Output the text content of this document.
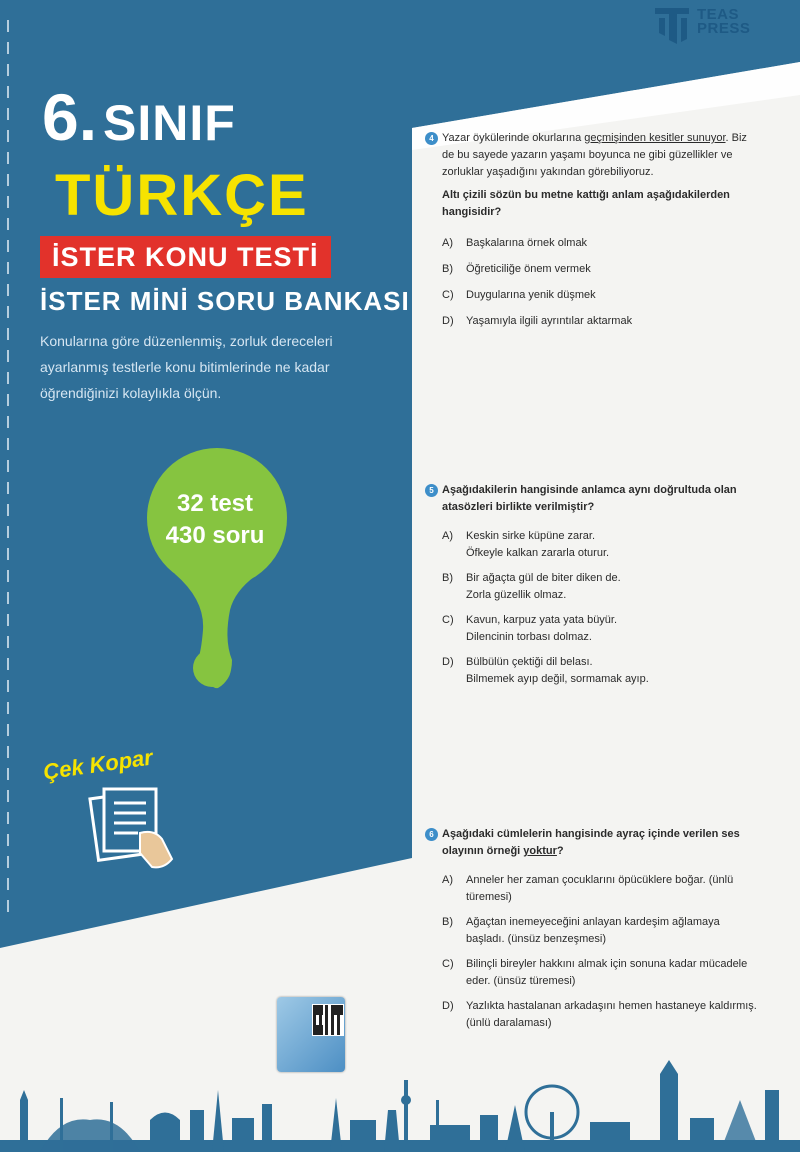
TEAS
PRESS
6. SINIF
TÜRKÇE
İSTER KONU TESTİ
İSTER MİNİ SORU BANKASI
Konularına göre düzenlenmiş, zorluk dereceleri ayarlanmış testlerle konu bitimlerinde ne kadar öğrendiğinizi kolaylıkla ölçün.
32 test
430 soru
Çek Kopar
4 Yazar öykülerinde okurlarına geçmişinden kesitler sunuyor. Biz de bu sayede yazarın yaşamı boyunca ne gibi güzellikler ve zorluklar yaşadığını yakından görebiliyoruz.

Altı çizili sözün bu metne kattığı anlam aşağıdakilerden hangisidir?

A)	Başkalarına örnek olmak
B)	Öğreticiliğe önem vermek
C)	Duygularına yenik düşmek
D)	Yaşamıyla ilgili ayrıntılar aktarmak
5 Aşağıdakilerin hangisinde anlamca aynı doğrultuda olan atasözleri birlikte verilmiştir?

A)	Keskin sirke küpüne zarar.
Öfkeyle kalkan zararla oturur.
B)	Bir ağaçta gül de biter diken de.
Zorla güzellik olmaz.
C)	Kavun, karpuz yata yata büyür.
Dilencinin torbası dolmaz.
D)	Bülbülün çektiği dil belası.
Bilmemek ayıp değil, sormamak ayıp.
6 Aşağıdaki cümlelerin hangisinde ayraç içinde verilen ses olayının örneği yoktur?

A)	Anneler her zaman çocuklarını öpücüklere boğar. (ünlü türemesi)
B)	Ağaçtan inemeyeceğini anlayan kardeşim ağlamaya başladı. (ünsüz benzeşmesi)
C)	Bilinçli bireyler hakkını almak için sonuna kadar mücadele eder. (ünsüz türemesi)
D)	Yazlıkta hastalanan arkadaşını hemen hastaneye kaldırmış. (ünlü daralaması)
